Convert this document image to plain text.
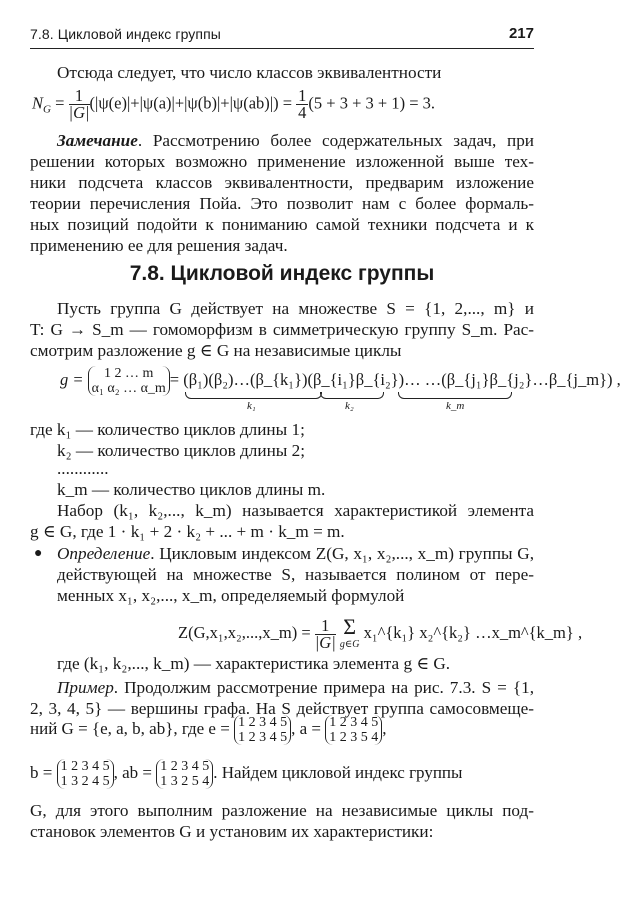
7.8. Цикловой индекс группы	217
Отсюда следует, что число классов эквивалентности
$N_G = \frac{1}{|G|} (|\psi(e)|+|\psi(a)|+|\psi(b)|+|\psi(ab)|) = \frac{1}{4} (5 + 3 + 3 + 1) = 3$.
Замечание. Рассмотрению более содержательных задач, при
решении которых возможно применение изложенной выше тех-
ники подсчета классов эквивалентности, предварим изложение
теории перечисления Пойа. Это позволит нам с более формаль-
ных позиций подойти к пониманию самой техники подсчета и к
применению ее для решения задач.
7.8. Цикловой индекс группы
Пусть группа G действует на множестве S = {1, 2,..., m} и
T: G → S_m — гомоморфизм в симметрическую группу S_m. Рас-
смотрим разложение g ∈ G на независимые циклы
g =	1 2 … m
α₁ α₂ … α_m = (β₁)(β₂)…(β_{k₁})(β_{i₁}β_{i₂})… …(β_{j₁}β_{j₂}…β_{j_m}) ,
k₁	k₂	k_m
где k₁ — количество циклов длины 1;
k₂ — количество циклов длины 2;
............
k_m — количество циклов длины m.
Набор (k₁, k₂,..., k_m) называется характеристикой элемента
g ∈ G, где 1 · k₁ + 2 · k₂ + ... + m · k_m = m.
● Определение. Цикловым индексом Z(G, x₁, x₂,..., x_m) группы G,
действующей на множестве S, называется полином от пере-
менных x₁, x₂,..., x_m, определяемый формулой
Z(G,x₁,x₂,...,x_m) = $\frac{1}{|G|}$
Σ
g∈G
x₁^{k₁} x₂^{k₂} …x_m^{k_m} ,
где (k₁, k₂,..., k_m) — характеристика элемента g ∈ G.
Пример. Продолжим рассмотрение примера на рис. 7.3. S = {1,
2, 3, 4, 5} — вершины графа. На S действует группа самосовмеще-
ний G = {e, a, b, ab}, где e = 1 2 3 4 5
1 2 3 4 5 , a = 1 2 3 4 5
1 2 3 5 4 ,
b = 1 2 3 4 5
1 3 2 4 5 , ab = 1 2 3 4 5
1 3 2 5 4 . Найдем цикловой индекс группы
G, для этого выполним разложение на независимые циклы под-
становок элементов G и установим их характеристики:
